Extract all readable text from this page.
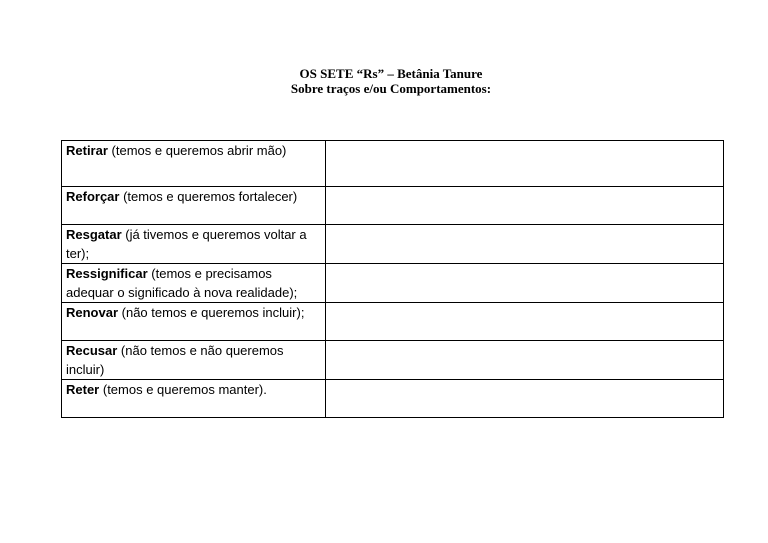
OS SETE “Rs” – Betânia Tanure
Sobre traços e/ou Comportamentos:
Retirar (temos e queremos abrir mão)	
Reforçar (temos e queremos fortalecer)	
Resgatar (já tivemos e queremos voltar a ter);	
Ressignificar (temos e precisamos adequar o significado à nova realidade);	
Renovar (não temos e queremos incluir);	
Recusar (não temos e não queremos incluir)	
Reter (temos e queremos manter).	
